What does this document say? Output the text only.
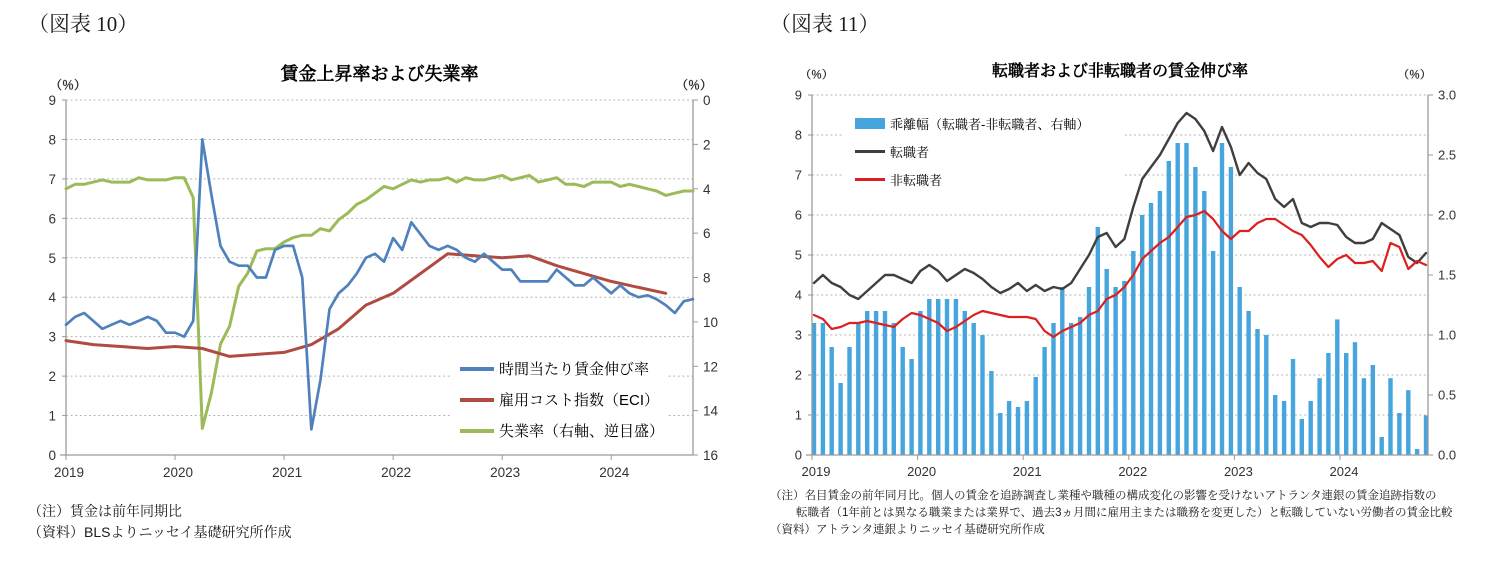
0
1
2
3
4
5
6
7
8
9	0
2
4
6
8
10
12
14
16
2019	2020	2021	2022	2023	2024
0
1
2
3
4
5
6
7
8
9
0.0
0.5
1.0
1.5
2.0
2.5
3.0
2019	2020	2021	2022	2023	2024
（図表 10）
賃金上昇率および失業率
（％）	（％）
時間当たり賃金伸び率
雇用コスト指数（ECI）
失業率（右軸、逆目盛）
（注）賃金は前年同期比
（資料）BLSよりニッセイ基礎研究所作成
（図表 11）
転職者および非転職者の賃金伸び率
（％）	（％）
乖離幅（転職者-非転職者、右軸）
転職者
非転職者
（注）名目賃金の前年同月比。個人の賃金を追跡調査し業種や職種の構成変化の影響を受けないアトランタ連銀の賃金追跡指数の
転職者（1年前とは異なる職業または業界で、過去3ヵ月間に雇用主または職務を変更した）と転職していない労働者の賃金比較
（資料）アトランタ連銀よりニッセイ基礎研究所作成
